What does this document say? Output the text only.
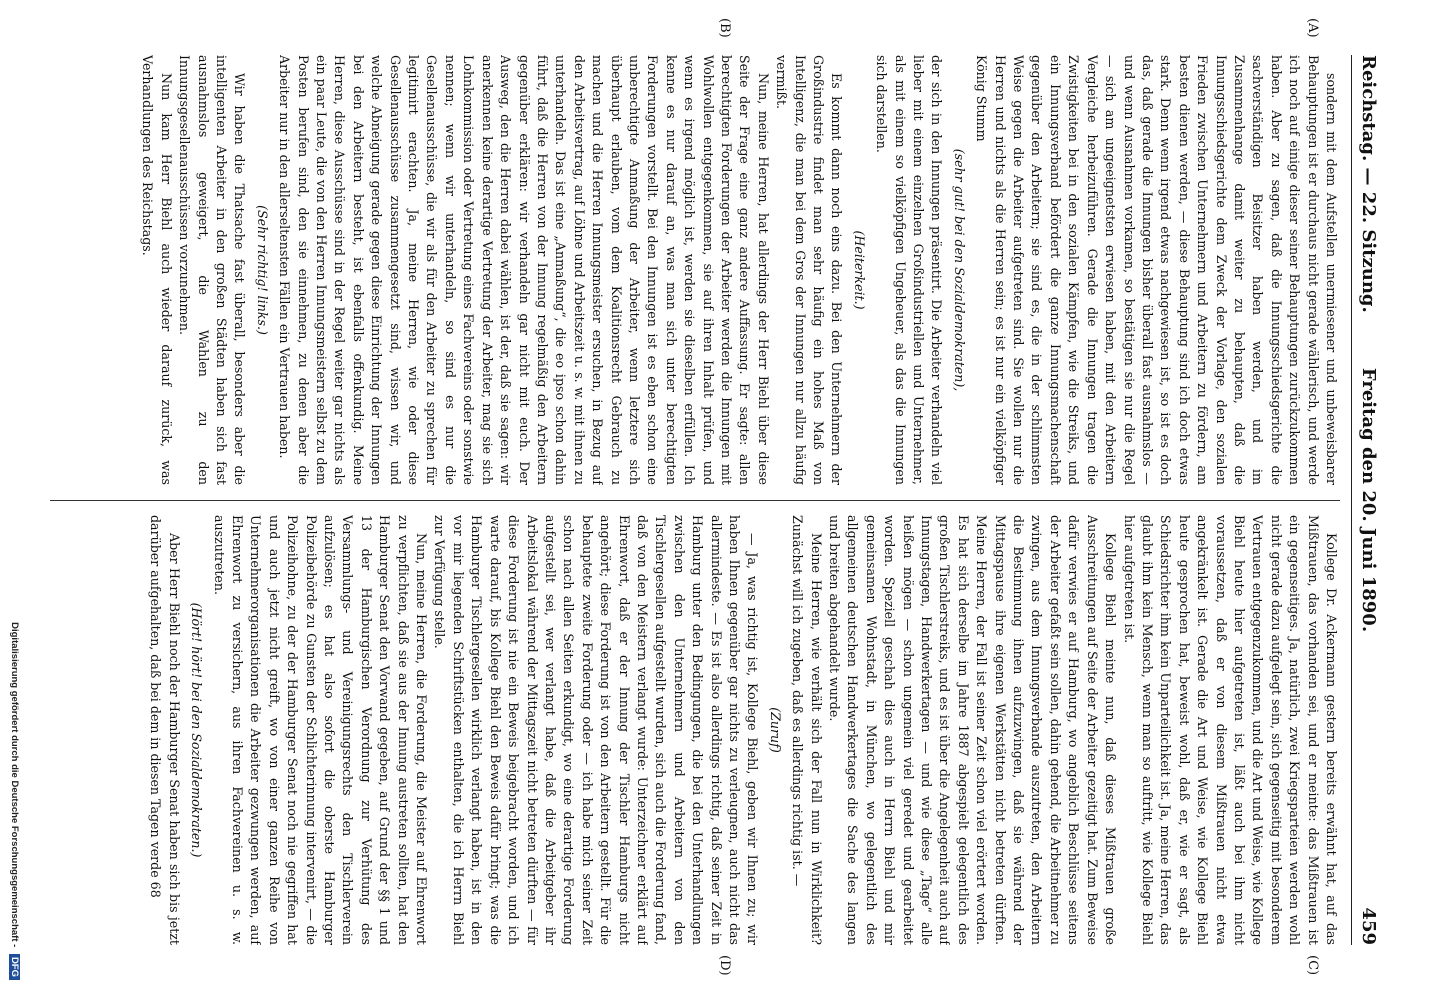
Reichstag. — 22. Sitzung.
Freitag den 20. Juni 1890.
459
(A)
(B)
(C)
(D)

sondern mit dem Aufstellen unermiesener und unbeweisbarer Behauptungen ist er durchaus nicht gerade wählerisch, und werde ich noch auf einige dieser seiner Behauptungen zurückzukommen haben. Aber zu sagen, daß die Innungsschiedsgerichte die sachverständigen Beisitzer haben werden, und im Zusammenhange damit weiter zu behaupten, daß die Innungsschiedsgerichte dem Zweck der Vorlage, den sozialen Frieden zwischen Unternehmern und Arbeitern zu fördern, am besten dienen werden, — diese Behauptung sind ich doch etwas stark. Denn wenn irgend etwas nachgewiesen ist, so ist es doch das, daß gerade die Innungen bisher überall fast ausnahmslos — und wenn Ausnahmen vorkamen, so bestätigen sie nur die Regel — sich am ungeeignetsten erwiesen haben, mit den Arbeitern Vergleiche herbeizuführen. Gerade die Innungen tragen die Zwistigkeiten bei in den sozialen Kämpfen, wie die Streiks, und ein Innungsverband befördert die ganze Innungsmachenschaft gegenüber den Arbeitern; sie sind es, die in der schlimmsten Weise gegen die Arbeiter aufgetreten sind. Sie wollen nur die Herren und nichts als die Herren sein; es ist nur ein vielköpfiger König Stumm

(sehr gut! bei den Sozialdemokraten),

der sich in den Innungen präsentirt. Die Arbeiter verhandeln viel lieber mit einem einzelnen Großindustriellen und Unternehmer, als mit einem so vielköpfigen Ungeheuer, als das die Innungen sich darstellen.

(Heiterkeit.)

Es kommt dann noch eins dazu. Bei den Unternehmern der Großindustrie findet man sehr häufig ein hohes Maß von Intelligenz, die man bei dem Gros der Innungen nur allzu häufig vermißt.

Nun, meine Herren, hat allerdings der Herr Biehl über diese Seite der Frage eine ganz andere Auffassung. Er sagte: allen berechtigten Forderungen der Arbeiter werden die Innungen mit Wohlwollen entgegenkommen, sie auf ihren Inhalt prüfen, und wenn es irgend möglich ist, werden sie dieselben erfüllen. Ich kenne es nur darauf an, was man sich unter berechtigten Forderungen vorstellt. Bei den Innungen ist es eben schon eine unberechtigte Anmaßung der Arbeiter, wenn letztere sich überhaupt erlauben, vom dem Koalitionsrecht Gebrauch zu machen und die Herren Innungsmeister ersuchen, in Bezug auf den Arbeitsvertrag, auf Löhne und Arbeitszeit u. s. w. mit ihnen zu unterhandeln. Das ist eine „Anmaßung“, die eo ipso schon dahin führt, daß die Herren von der Innung regelmäßig den Arbeitern gegenüber erklären: wir verhandeln gar nicht mit euch. Der Ausweg, den die Herren dabei wählen, ist der, daß sie sagen: wir anerkennen keine derartige Vertretung der Arbeiter, mag sie sich Lohnkommission oder Vertretung eines Fachvereins oder sonstwie nennen; wenn wir unterhandeln, so sind es nur die Gesellenausschüsse, die wir als für den Arbeiter zu sprechen für legitimirt erachten. Ja, meine Herren, wie oder diese Gesellenausschüsse zusammengesetzt sind, wissen wir, und welche Abneigung gerade gegen diese Einrichtung der Innungen bei den Arbeitern besteht, ist ebenfalls offenkundig. Meine Herren, diese Ausschüsse sind in der Regel weiter gar nichts als ein paar Leute, die von den Herren Innungsmeistern selbst zu dem Posten berufen sind, den sie einnehmen, zu denen aber die Arbeiter nur in den allerseltensten Fällen ein Vertrauen haben.

(Sehr richtig! links.)

Wir haben die Thatsache fast überall, besonders aber die intelligenten Arbeiter in den großen Städten haben sich fast ausnahmslos geweigert, die Wahlen zu den Innungsgesellenausschüssen vorzunehmen.

Nun kam Herr Biehl auch wieder darauf zurück, was Verhandlungen des Reichstags.

Kollege Dr. Ackermann gestern bereits erwähnt hat, auf das Mißtrauen, das vorhanden sei, und er meinte: das Mißtrauen ist ein gegenseitiges. Ja, natürlich, zwei Kriegsparteien werden wohl nicht gerade dazu aufgelegt sein, sich gegenseitig mit besonderem Vertrauen entgegenzukommen, und die Art und Weise, wie Kollege Biehl heute hier aufgetreten ist, läßt auch bei ihm nicht voraussetzen, daß er von diesem Mißtrauen nicht etwa angekränkelt ist. Gerade die Art und Weise, wie Kollege Biehl heute gesprochen hat, beweist wohl, daß er, wie er sagt, als Schiedsrichter ihm kein Unparteilichkeit ist. Ja, meine Herren, das glaubt ihm kein Mensch, wenn man so auftritt, wie Kollege Biehl hier aufgetreten ist.

Kollege Biehl meinte nun, daß dieses Mißtrauen große Ausschreitungen auf Seite der Arbeiter gezeitigt hat. Zum Beweise dafür verwies er auf Hamburg, wo angeblich Beschlüsse seitens der Arbeiter gefaßt sein sollen, dahin gehend, die Arbeitnehmer zu zwingen, aus dem Innungsverbande auszutreten, den Arbeitern die Bestimmung ihnen aufzuzwingen, daß sie während der Mittagspause ihre eigenen Werkstätten nicht betreten dürften. Meine Herren, der Fall ist seiner Zeit schon viel erörtert worden. Es hat sich derselbe im Jahre 1887 abgespielt gelegentlich des großen Tischlerstreiks, und es ist über die Angelegenheit auch auf Innungstagen, Handwerkertagen — und wie diese „Tage“ alle heißen mögen — schon ungemein viel geredet und gearbeitet worden. Speziell geschah dies auch in Herrn Biehl und mir gemeinsamen Wohnstadt, in München, wo gelegentlich des allgemeinen deutschen Handwerkertages die Sache des langen und breiten abgehandelt wurde.

Meine Herren, wie verhält sich der Fall nun in Wirklichkeit? Zunächst will ich zugeben, daß es allerdings richtig ist. —

(Zuruf)

— Ja, was richtig ist, Kollege Biehl, geben wir Ihnen zu; wir haben Ihnen gegenüber gar nichts zu verleugnen, auch nicht das allermindeste. — Es ist also allerdings richtig, daß seiner Zeit in Hamburg unter den Bedingungen, die bei den Unterhandlungen zwischen den Unternehmern und Arbeitern von den Tischlergesellen aufgestellt wurden, sich auch die Forderung fand, daß von den Meistern verlangt wurde: Unterzeichner erklärt auf Ehrenwort, daß er der Innung der Tischler Hamburgs nicht angehört; diese Forderung ist von den Arbeitern gestellt. Für die behauptete zweite Forderung oder — ich habe mich seiner Zeit schon nach allen Seiten erkundigt, wo eine derartige Forderung aufgestellt sei, wer verlangt habe, daß die Arbeitgeber ihr Arbeitslokal während der Mittagszeit nicht betreten dürften — für diese Forderung ist nie ein Beweis beigebracht worden, und ich warte darauf, bis Kollege Biehl den Beweis dafür bringt; was die Hamburger Tischlergesellen wirklich verlangt haben, ist in den vor mir liegenden Schriftstücken enthalten, die ich Herrn Biehl zur Verfügung stelle.

Nun, meine Herren, die Forderung, die Meister auf Ehrenwort zu verpflichten, daß sie aus der Innung austreten sollten, hat den Hamburger Senat den Vorwand gegeben, auf Grund der §§ 1 und 13 der Hamburgischen Verordnung zur Verhütung des Versammlungs- und Vereinigungsrechts den Tischlerverein aufzulösen; es hat also sofort die oberste Hamburger Polizeibehörde zu Gunsten der Schlichterinnung intervenirt, — die Polizeihohne, zu der der Hamburger Senat noch nie gegriffen hat und auch jetzt nicht greift, wo von einer ganzen Reihe von Unternehmerorganisationen die Arbeiter gezwungen werden, auf Ehrenwort zu versichern, aus ihren Fachvereinen u. s. w. auszutreten.

(Hört! hört! bei den Sozialdemokraten.)

Aber Herr Biehl noch der Hamburger Senat haben sich bis jetzt darüber aufgehalten, daß bei dem in diesen Tagen verde 68

Digitalisierung gefördert durch die Deutsche Forschungsgemeinschaft - DFG
